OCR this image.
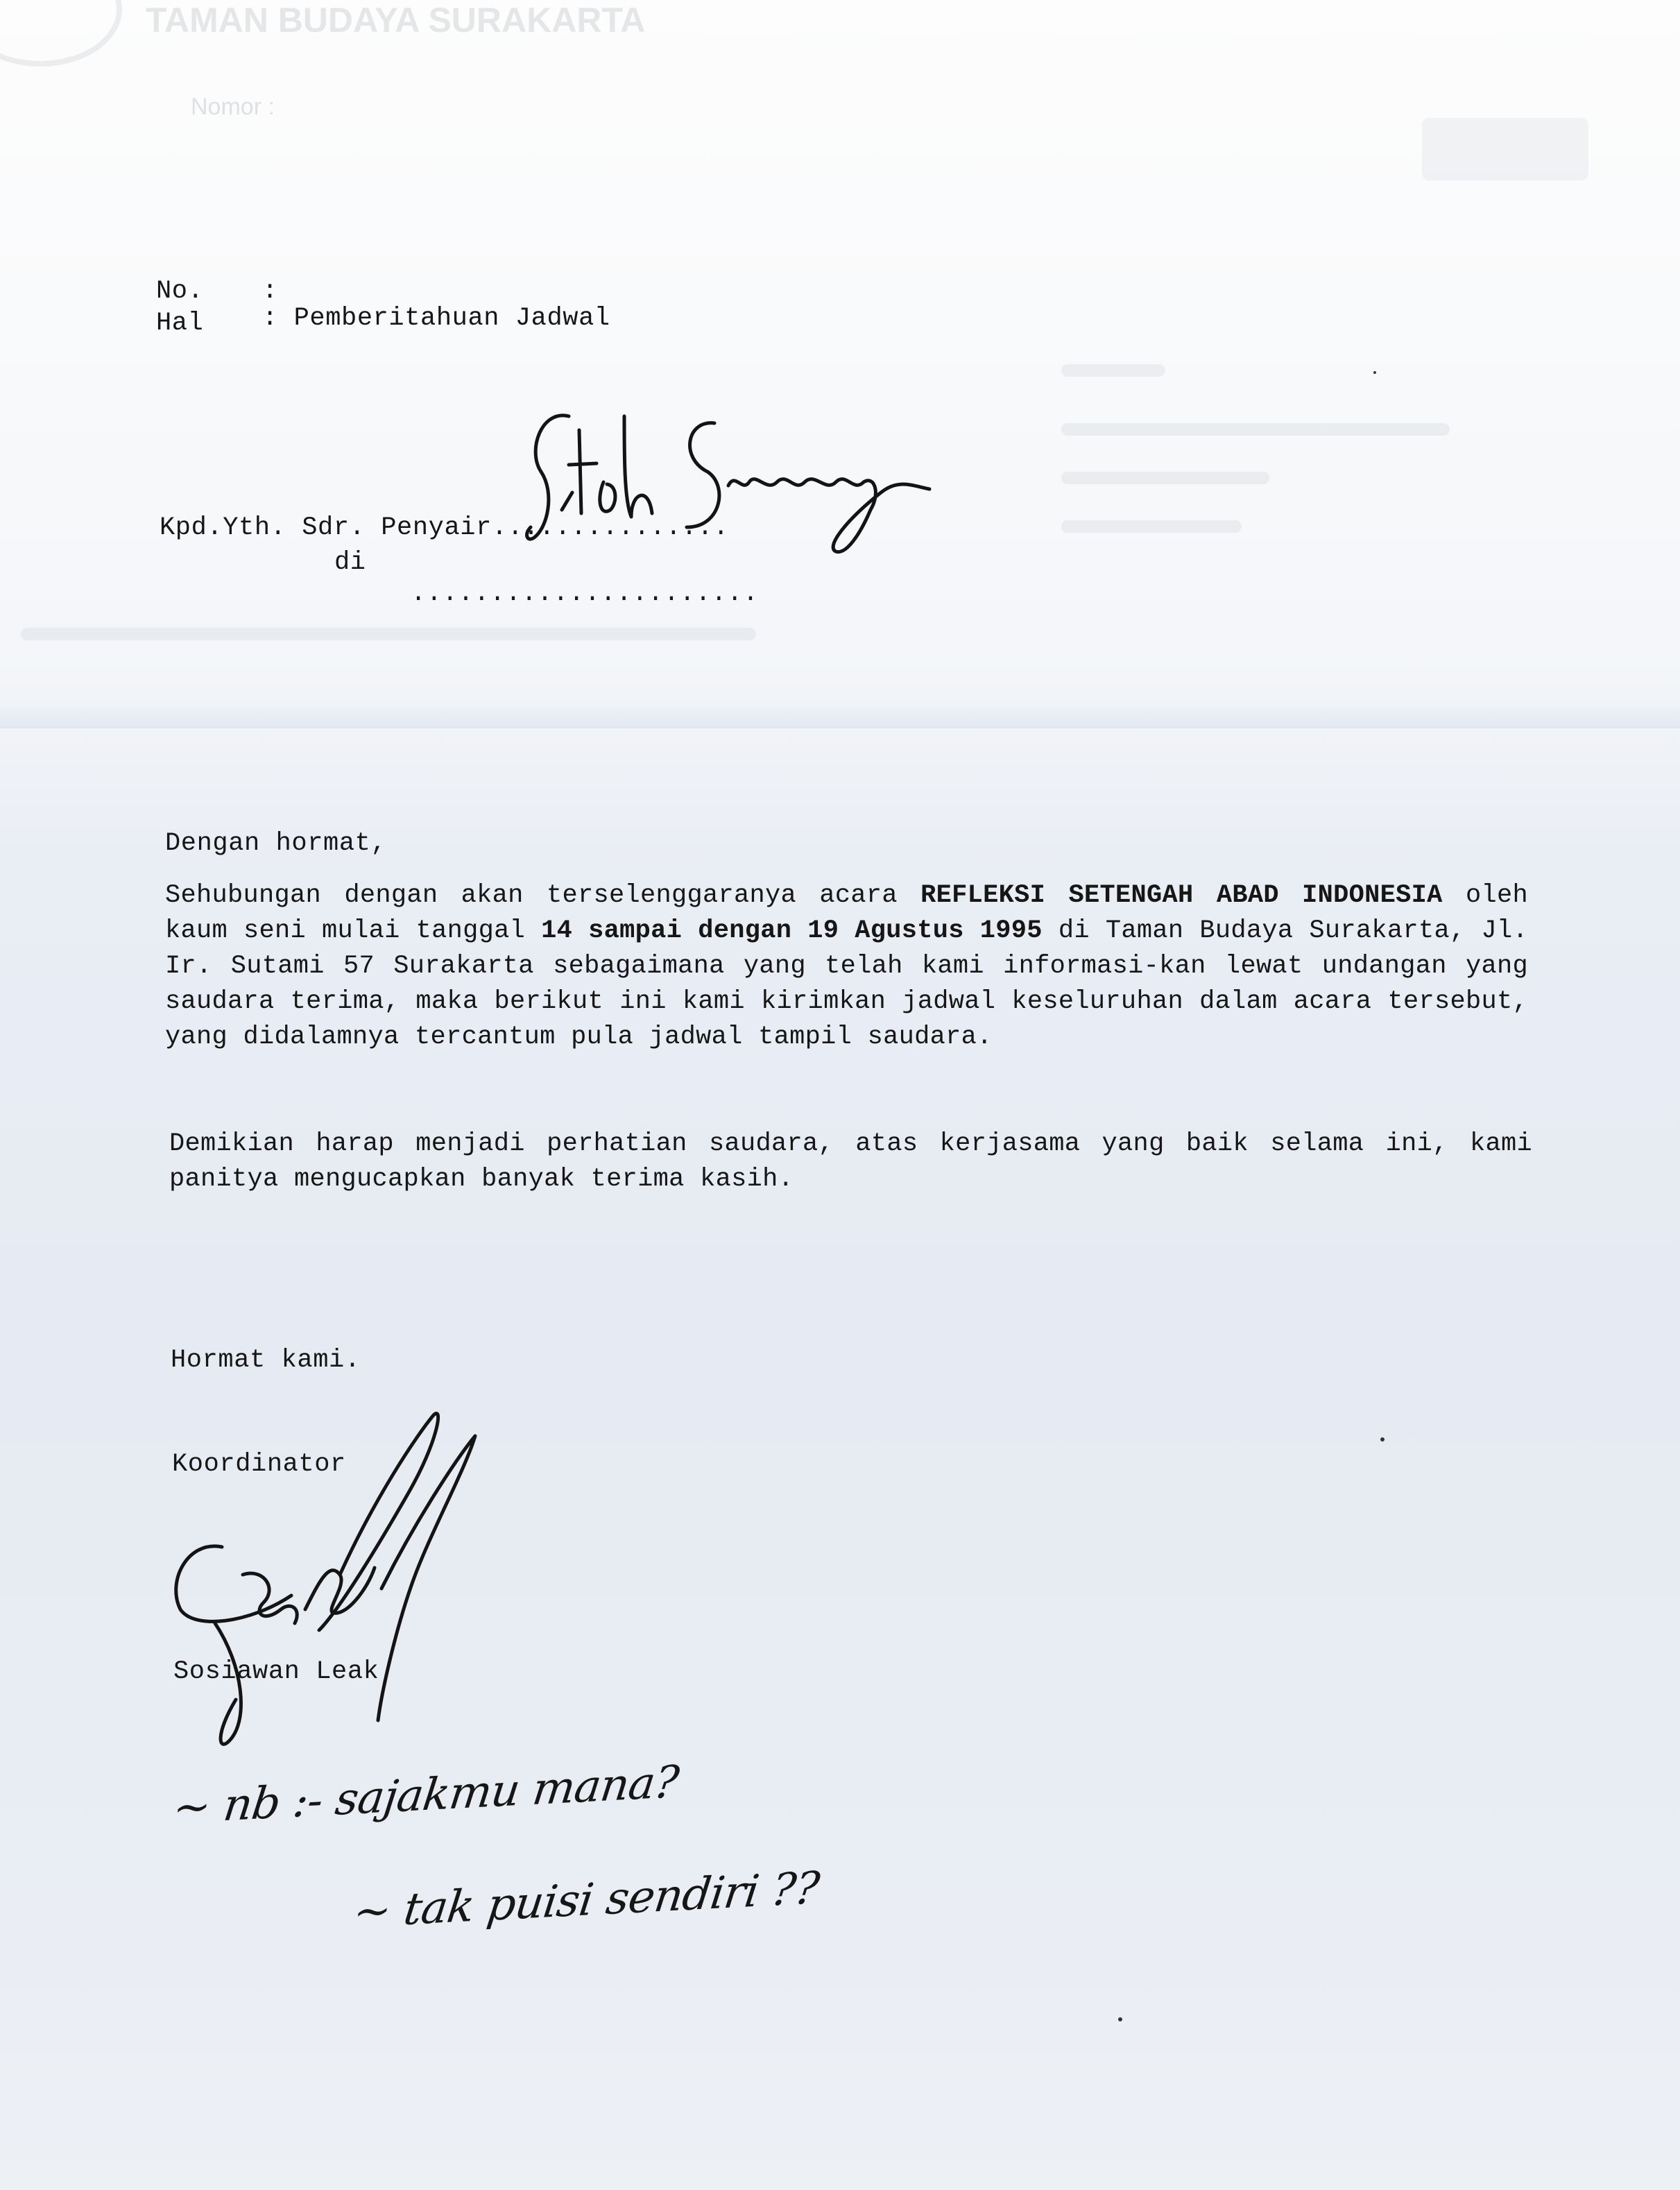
TAMAN BUDAYA SURAKARTA
Nomor :
No. :
Hal : Pemberitahuan Jadwal
Kpd.Yth. Sdr. Penyair...............
di
......................
Dengan hormat,
Sehubungan dengan akan terselenggaranya acara REFLEKSI SETENGAH ABAD INDONESIA oleh kaum seni mulai tanggal 14 sampai dengan 19 Agustus 1995 di Taman Budaya Surakarta, Jl. Ir. Sutami 57 Surakarta sebagaimana yang telah kami informasi-kan lewat undangan yang saudara terima, maka berikut ini kami kirimkan jadwal keseluruhan dalam acara tersebut, yang didalamnya tercantum pula jadwal tampil saudara.
Demikian harap menjadi perhatian saudara, atas kerjasama yang baik selama ini, kami panitya mengucapkan banyak terima kasih.
Hormat kami.
Koordinator
Sosiawan Leak
~ nb :- sajakmu mana?
~ tak puisi sendiri ??
